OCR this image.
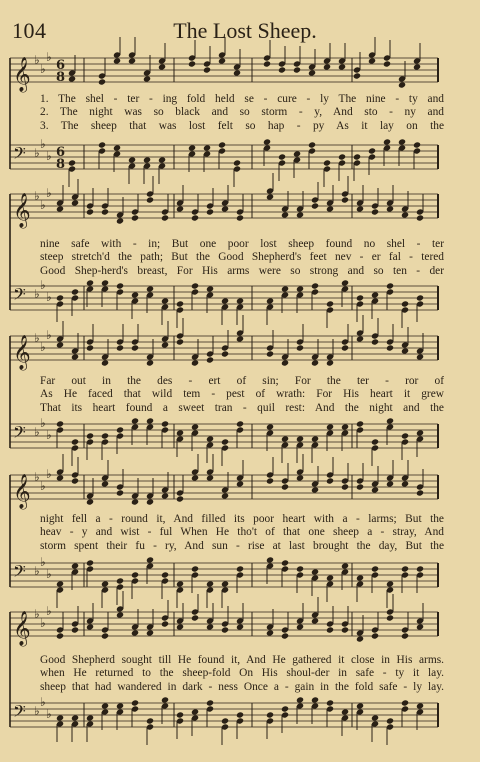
104	The Lost Sheep.
𝄞 ♭
♭
♭
6
8
𝄢 ♭
♭
♭ 6
8
𝄞 ♭
♭
♭
𝄢 ♭
♭
♭
𝄞 ♭
♭
♭
𝄢 ♭
♭
♭
𝄞 ♭
♭
♭
𝄢 ♭
♭
♭
𝄞 ♭
♭
♭
𝄢 ♭
♭
♭
1. The shel - ter - ing fold held se - cure - ly The nine - ty and
2. The night was so black and so storm - y, And sto - ny and
3. The sheep that was lost felt so hap - py As it lay on the
nine safe with - in; But one poor lost sheep found no shel - ter
steep stretch'd the path; But the Good Shepherd's feet nev - er fal - tered
Good Shep-herd's breast, For His arms were so strong and so ten - der
Far out in the des - ert of sin; For the ter - ror of
As He faced that wild tem - pest of wrath: For His heart it grew
That its heart found a sweet tran - quil rest: And the night and the
night fell a - round it, And filled its poor heart with a - larms; But the
heav - y and wist - ful When He tho't of that one sheep a - stray, And
storm spent their fu - ry, And sun - rise at last brought the day, But the
Good Shepherd sought till He found it, And He gathered it close in His arms.
when He returned to the sheep-fold On His shoul-der in safe - ty it lay.
sheep that had wandered in dark - ness Once a - gain in the fold safe - ly lay.
